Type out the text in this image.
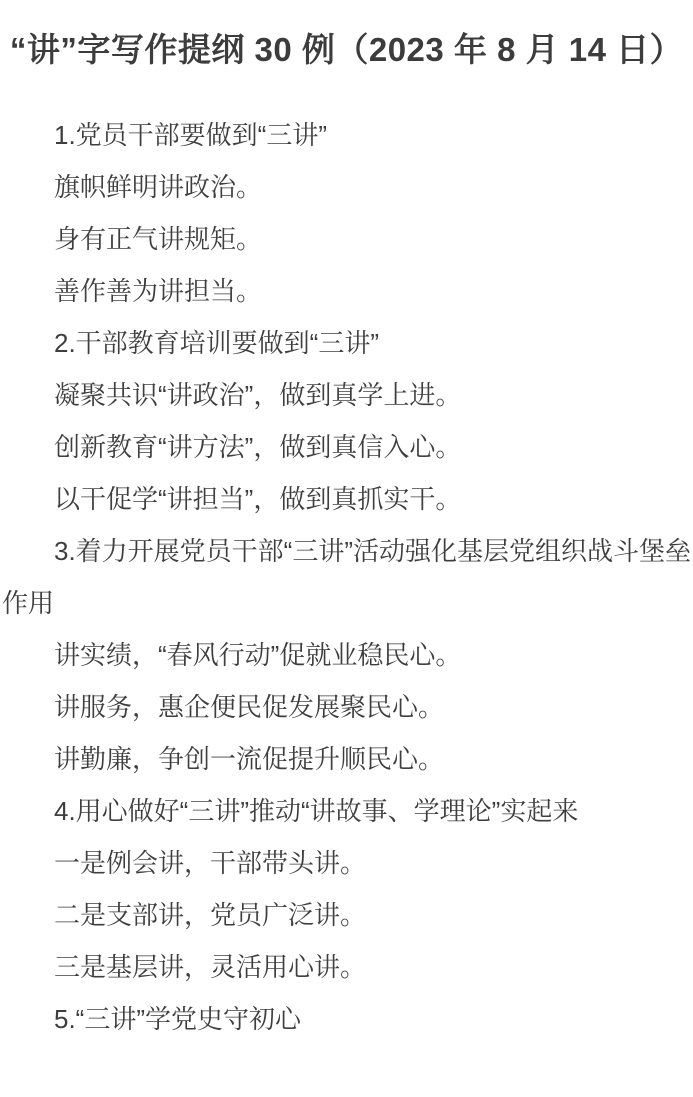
“讲”字写作提纲 30 例（2023 年 8 月 14 日）

1.党员干部要做到“三讲”

旗帜鲜明讲政治。

身有正气讲规矩。

善作善为讲担当。

2.干部教育培训要做到“三讲”

凝聚共识“讲政治”，做到真学上进。

创新教育“讲方法”，做到真信入心。

以干促学“讲担当”，做到真抓实干。

3.着力开展党员干部“三讲”活动强化基层党组织战斗堡垒作用

讲实绩，“春风行动”促就业稳民心。

讲服务，惠企便民促发展聚民心。

讲勤廉，争创一流促提升顺民心。

4.用心做好“三讲”推动“讲故事、学理论”实起来

一是例会讲，干部带头讲。

二是支部讲，党员广泛讲。

三是基层讲，灵活用心讲。

5.“三讲”学党史守初心
